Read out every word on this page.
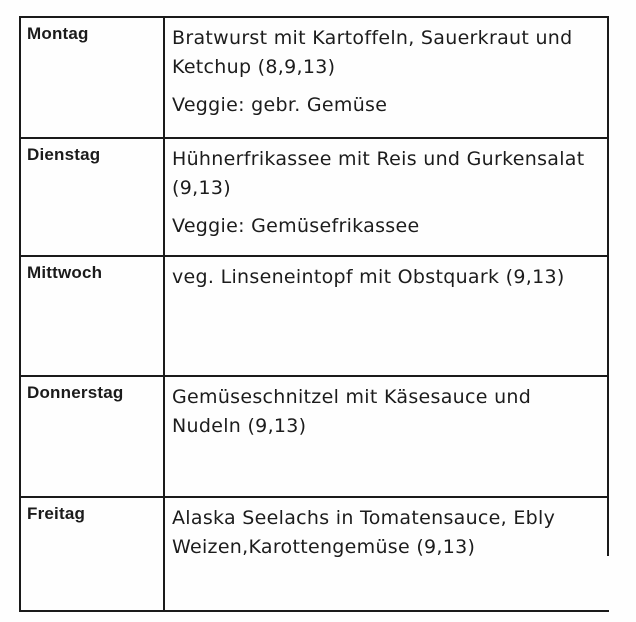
Montag	Bratwurst mit Kartoffeln, Sauerkraut und Ketchup (8,9,13)
Veggie: gebr. Gemüse

Dienstag	Hühnerfrikassee mit Reis und Gurkensalat (9,13)
Veggie: Gemüsefrikassee

Mittwoch	veg. Linseneintopf mit Obstquark (9,13)

Donnerstag	Gemüseschnitzel mit Käsesauce und Nudeln (9,13)

Freitag	Alaska Seelachs in Tomatensauce, Ebly Weizen,Karottengemüse (9,13)
